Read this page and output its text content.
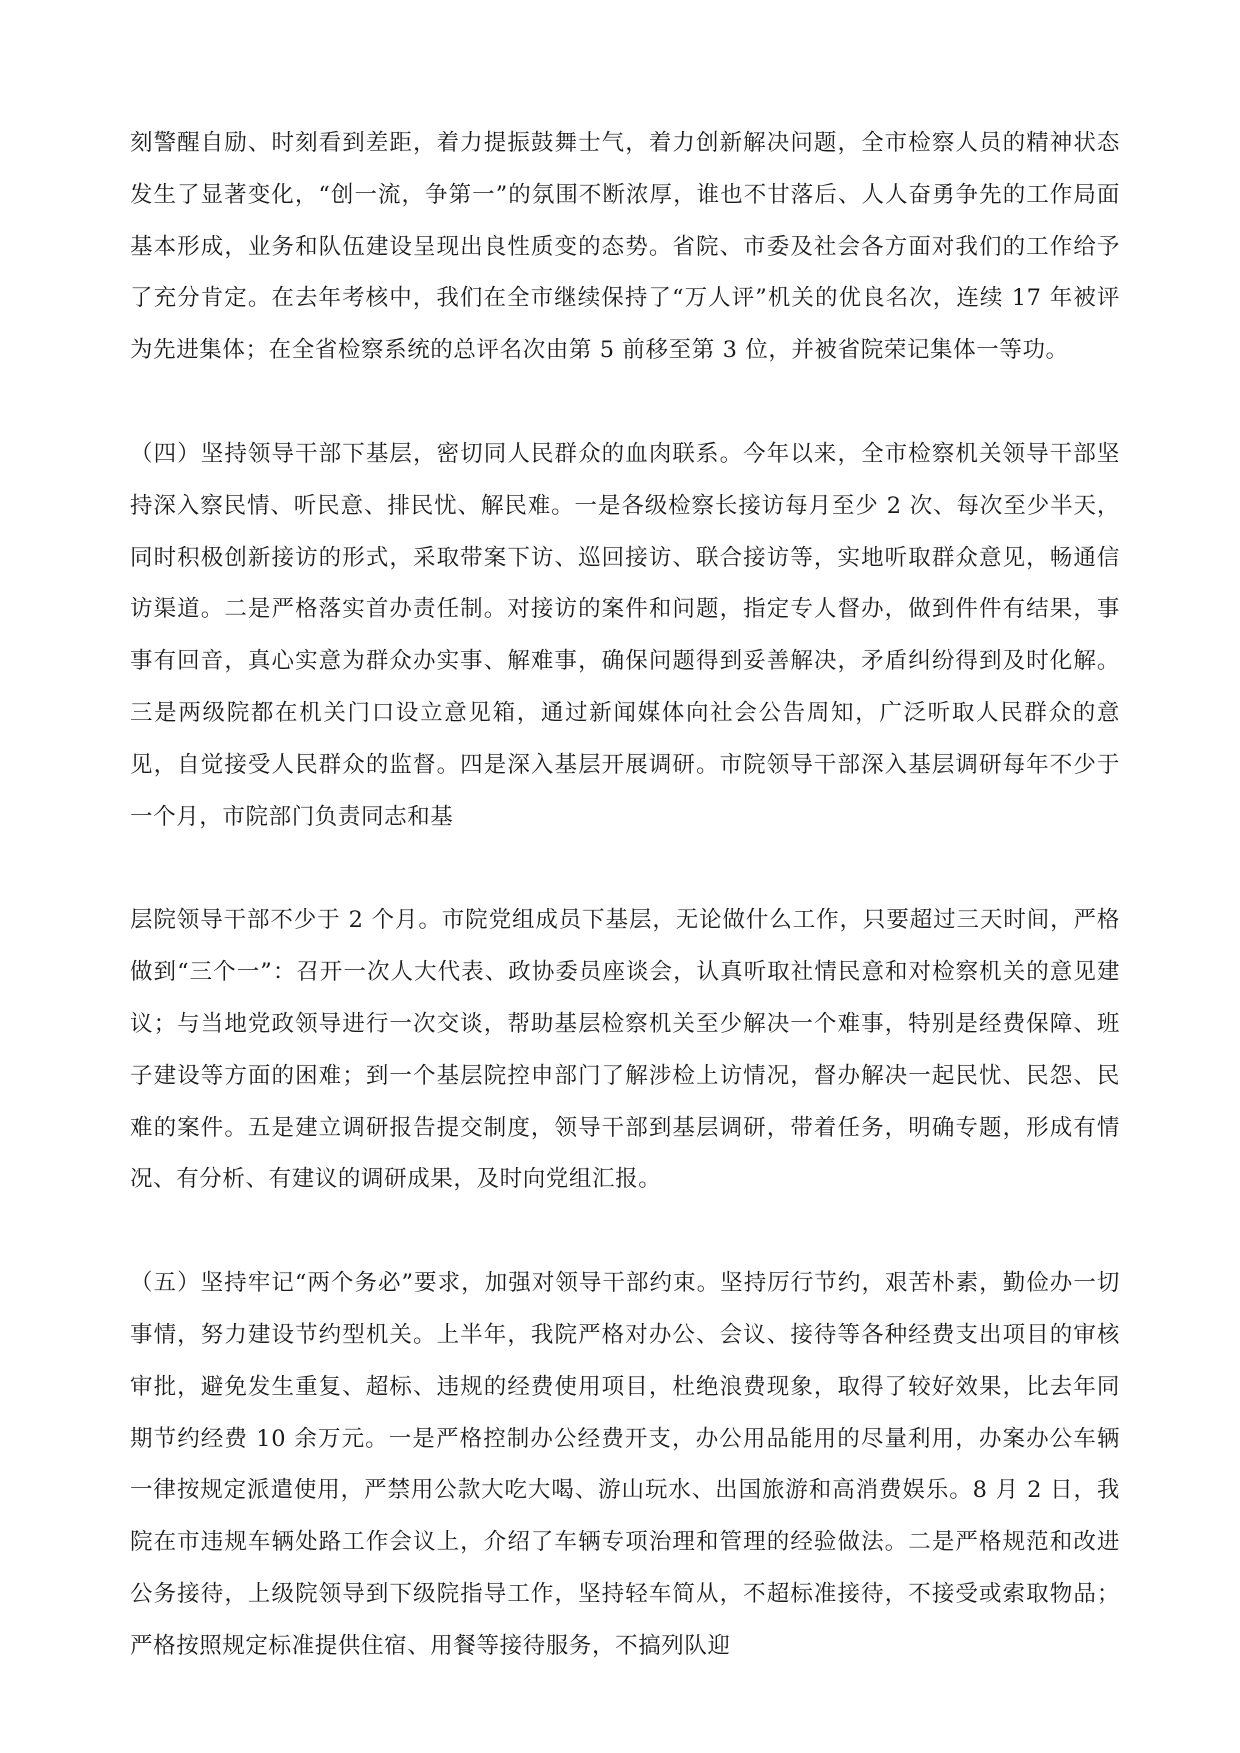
刻警醒自励、时刻看到差距，着力提振鼓舞士气，着力创新解决问题，全市检察人员的精神状态发生了显著变化，“创一流，争第一”的氛围不断浓厚，谁也不甘落后、人人奋勇争先的工作局面基本形成，业务和队伍建设呈现出良性质变的态势。省院、市委及社会各方面对我们的工作给予了充分肯定。在去年考核中，我们在全市继续保持了“万人评”机关的优良名次，连续 17 年被评为先进集体；在全省检察系统的总评名次由第 5 前移至第 3 位，并被省院荣记集体一等功。

（四）坚持领导干部下基层，密切同人民群众的血肉联系。今年以来，全市检察机关领导干部坚持深入察民情、听民意、排民忧、解民难。一是各级检察长接访每月至少 2 次、每次至少半天，同时积极创新接访的形式，采取带案下访、巡回接访、联合接访等，实地听取群众意见，畅通信访渠道。二是严格落实首办责任制。对接访的案件和问题，指定专人督办，做到件件有结果，事事有回音，真心实意为群众办实事、解难事，确保问题得到妥善解决，矛盾纠纷得到及时化解。三是两级院都在机关门口设立意见箱，通过新闻媒体向社会公告周知，广泛听取人民群众的意见，自觉接受人民群众的监督。四是深入基层开展调研。市院领导干部深入基层调研每年不少于一个月，市院部门负责同志和基

层院领导干部不少于 2 个月。市院党组成员下基层，无论做什么工作，只要超过三天时间，严格做到“三个一”：召开一次人大代表、政协委员座谈会，认真听取社情民意和对检察机关的意见建议；与当地党政领导进行一次交谈，帮助基层检察机关至少解决一个难事，特别是经费保障、班子建设等方面的困难；到一个基层院控申部门了解涉检上访情况，督办解决一起民忧、民怨、民难的案件。五是建立调研报告提交制度，领导干部到基层调研，带着任务，明确专题，形成有情况、有分析、有建议的调研成果，及时向党组汇报。

（五）坚持牢记“两个务必”要求，加强对领导干部约束。坚持厉行节约，艰苦朴素，勤俭办一切事情，努力建设节约型机关。上半年，我院严格对办公、会议、接待等各种经费支出项目的审核审批，避免发生重复、超标、违规的经费使用项目，杜绝浪费现象，取得了较好效果，比去年同期节约经费 10 余万元。一是严格控制办公经费开支，办公用品能用的尽量利用，办案办公车辆一律按规定派遣使用，严禁用公款大吃大喝、游山玩水、出国旅游和高消费娱乐。8 月 2 日，我院在市违规车辆处路工作会议上，介绍了车辆专项治理和管理的经验做法。二是严格规范和改进公务接待，上级院领导到下级院指导工作，坚持轻车简从，不超标准接待，不接受或索取物品；严格按照规定标准提供住宿、用餐等接待服务，不搞列队迎
